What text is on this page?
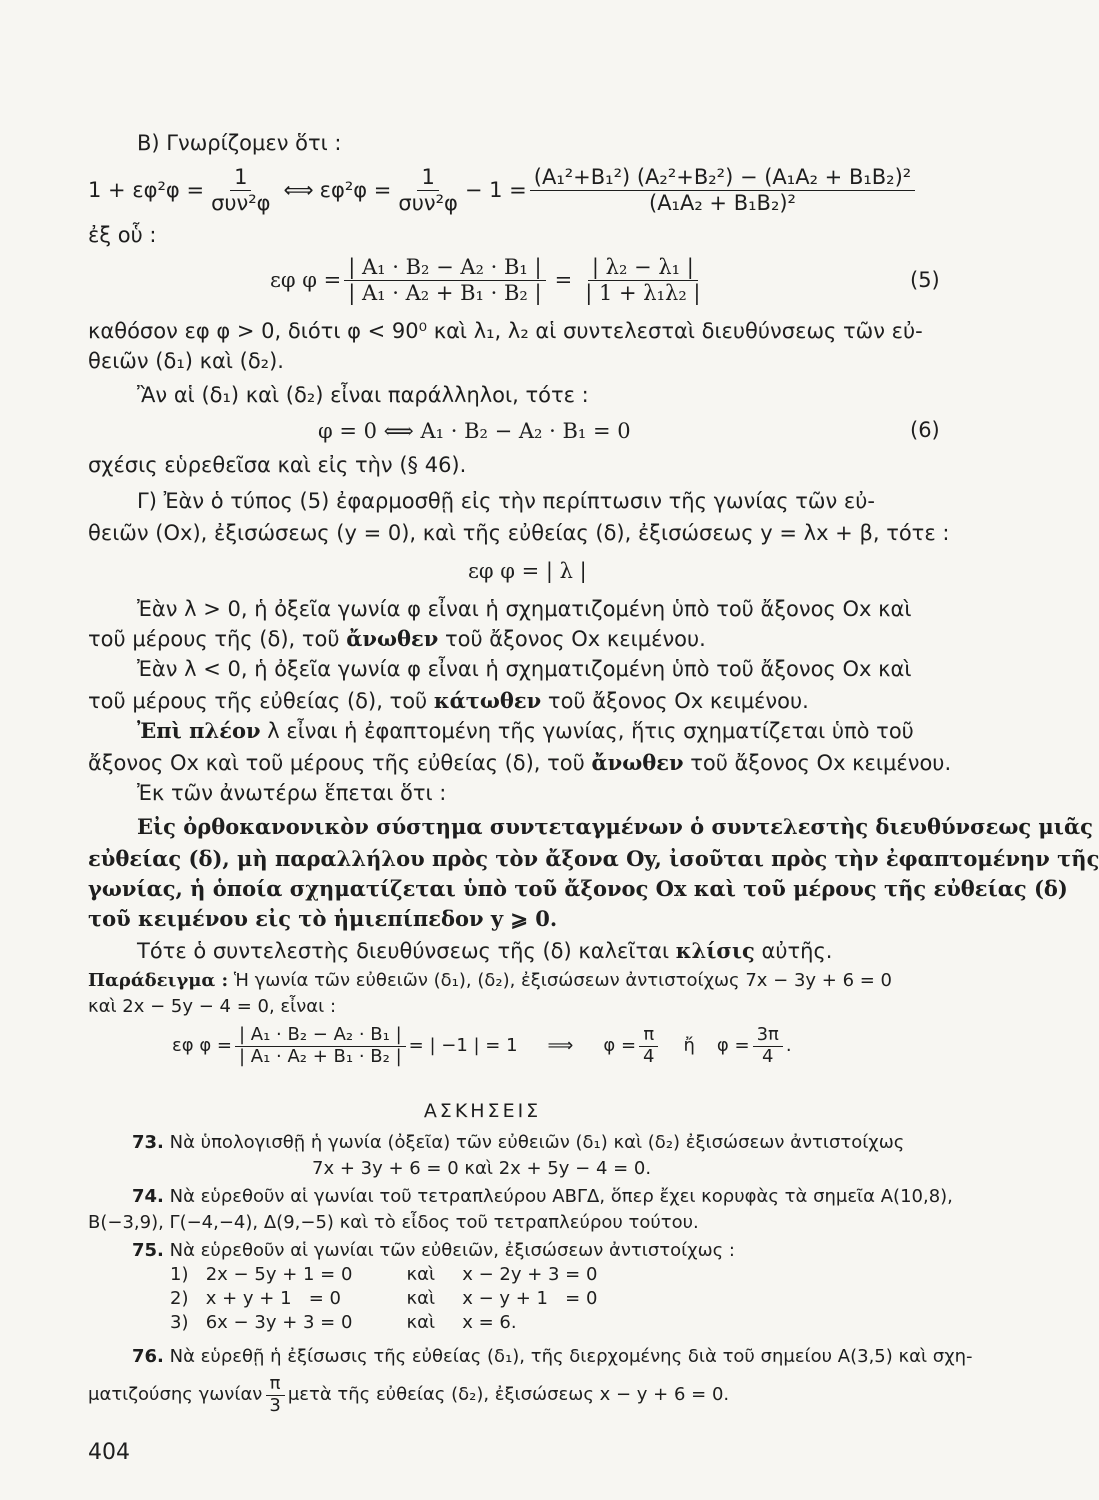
Β) Γνωρίζομεν ὅτι :
$1 + \varepsilon\varphi^2\varphi = \frac{1}{\text{συν²φ}}$ ⟺ $\varepsilon\varphi^2\varphi = \frac{1}{\text{συν²φ}} - 1 = \frac{\text{(A₁²+B₁²) (A₂²+B₂²) − (A₁A₂ + B₁B₂)²}}{\text{(A₁A₂ + B₁B₂)²}}$
ἐξ οὗ :
εφ $\varphi = \frac{\text{| A₁ · B₂ − A₂ · B₁ |}}{\text{| A₁ · A₂ + B₁ · B₂ |}} = \frac{\text{| λ₂ − λ₁ |}}{\text{| 1 + λ₁λ₂ |}}$	(5)
καθόσον εφ φ > 0, διότι φ < 90⁰ καὶ λ₁, λ₂ αἱ συντελεσταὶ διευθύνσεως τῶν εὐ-
θειῶν (δ₁) καὶ (δ₂).
Ἂν αἱ (δ₁) καὶ (δ₂) εἶναι παράλληλοι, τότε :
φ = 0 ⟺ A₁ · B₂ − A₂ · B₁ = 0	(6)
σχέσις εὑρεθεῖσα καὶ εἰς τὴν (§ 46).
Γ) Ἐὰν ὁ τύπος (5) ἐφαρμοσθῇ εἰς τὴν περίπτωσιν τῆς γωνίας τῶν εὐ-
θειῶν (Ox), ἐξισώσεως (y = 0), καὶ τῆς εὐθείας (δ), ἐξισώσεως y = λx + β, τότε :
εφ φ = | λ |
Ἐὰν λ > 0, ἡ ὀξεῖα γωνία φ εἶναι ἡ σχηματιζομένη ὑπὸ τοῦ ἄξονος Ox καὶ
τοῦ μέρους τῆς (δ), τοῦ ἄνωθεν τοῦ ἄξονος Ox κειμένου.
Ἐὰν λ < 0, ἡ ὀξεῖα γωνία φ εἶναι ἡ σχηματιζομένη ὑπὸ τοῦ ἄξονος Ox καὶ
τοῦ μέρους τῆς εὐθείας (δ), τοῦ κάτωθεν τοῦ ἄξονος Ox κειμένου.
Ἐπὶ πλέον λ εἶναι ἡ ἐφαπτομένη τῆς γωνίας, ἥτις σχηματίζεται ὑπὸ τοῦ
ἄξονος Ox καὶ τοῦ μέρους τῆς εὐθείας (δ), τοῦ ἄνωθεν τοῦ ἄξονος Ox κειμένου.
Ἐκ τῶν ἀνωτέρω ἕπεται ὅτι :
Εἰς ὀρθοκανονικὸν σύστημα συντεταγμένων ὁ συντελεστὴς διευθύνσεως μιᾶς
εὐθείας (δ), μὴ παραλλήλου πρὸς τὸν ἄξονα Oy, ἰσοῦται πρὸς τὴν ἐφαπτομένην τῆς
γωνίας, ἡ ὁποία σχηματίζεται ὑπὸ τοῦ ἄξονος Ox καὶ τοῦ μέρους τῆς εὐθείας (δ)
τοῦ κειμένου εἰς τὸ ἡμιεπίπεδον y ⩾ 0.
Τότε ὁ συντελεστὴς διευθύνσεως τῆς (δ) καλεῖται κλίσις αὐτῆς.
Παράδειγμα : Ἡ γωνία τῶν εὐθειῶν (δ₁), (δ₂), ἐξισώσεων ἀντιστοίχως 7x − 3y + 6 = 0
καὶ 2x − 5y − 4 = 0, εἶναι :
εφ $\varphi = \frac{\text{| A₁ · B₂ − A₂ · B₁ |}}{\text{| A₁ · A₂ + B₁ · B₂ |}}$ = | −1 | = 1 ⟹ $\varphi = \frac{\pi}{4}$ ἤ $\varphi = \frac{3\pi}{4}$ .
ΑΣΚΗΣΕΙΣ
73. Νὰ ὑπολογισθῇ ἡ γωνία (ὀξεῖα) τῶν εὐθειῶν (δ₁) καὶ (δ₂) ἐξισώσεων ἀντιστοίχως
7x + 3y + 6 = 0 καὶ 2x + 5y − 4 = 0.
74. Νὰ εὑρεθοῦν αἱ γωνίαι τοῦ τετραπλεύρου ΑΒΓΔ, ὅπερ ἔχει κορυφὰς τὰ σημεῖα A(10,8),
B(−3,9), Γ(−4,−4), Δ(9,−5) καὶ τὸ εἶδος τοῦ τετραπλεύρου τούτου.
75. Νὰ εὑρεθοῦν αἱ γωνίαι τῶν εὐθειῶν, ἐξισώσεων ἀντιστοίχως :
1) 2x − 5y + 1 = 0	καὶ x − 2y + 3 = 0
2) x + y + 1   = 0	καὶ x − y + 1   = 0
3) 6x − 3y + 3 = 0	καὶ x = 6.
76. Νὰ εὑρεθῇ ἡ ἐξίσωσις τῆς εὐθείας (δ₁), τῆς διερχομένης διὰ τοῦ σημείου A(3,5) καὶ σχη-
ματιζούσης γωνίαν $\frac{\pi}{3}$ μετὰ τῆς εὐθείας (δ₂), ἐξισώσεως x − y + 6 = 0.
404
